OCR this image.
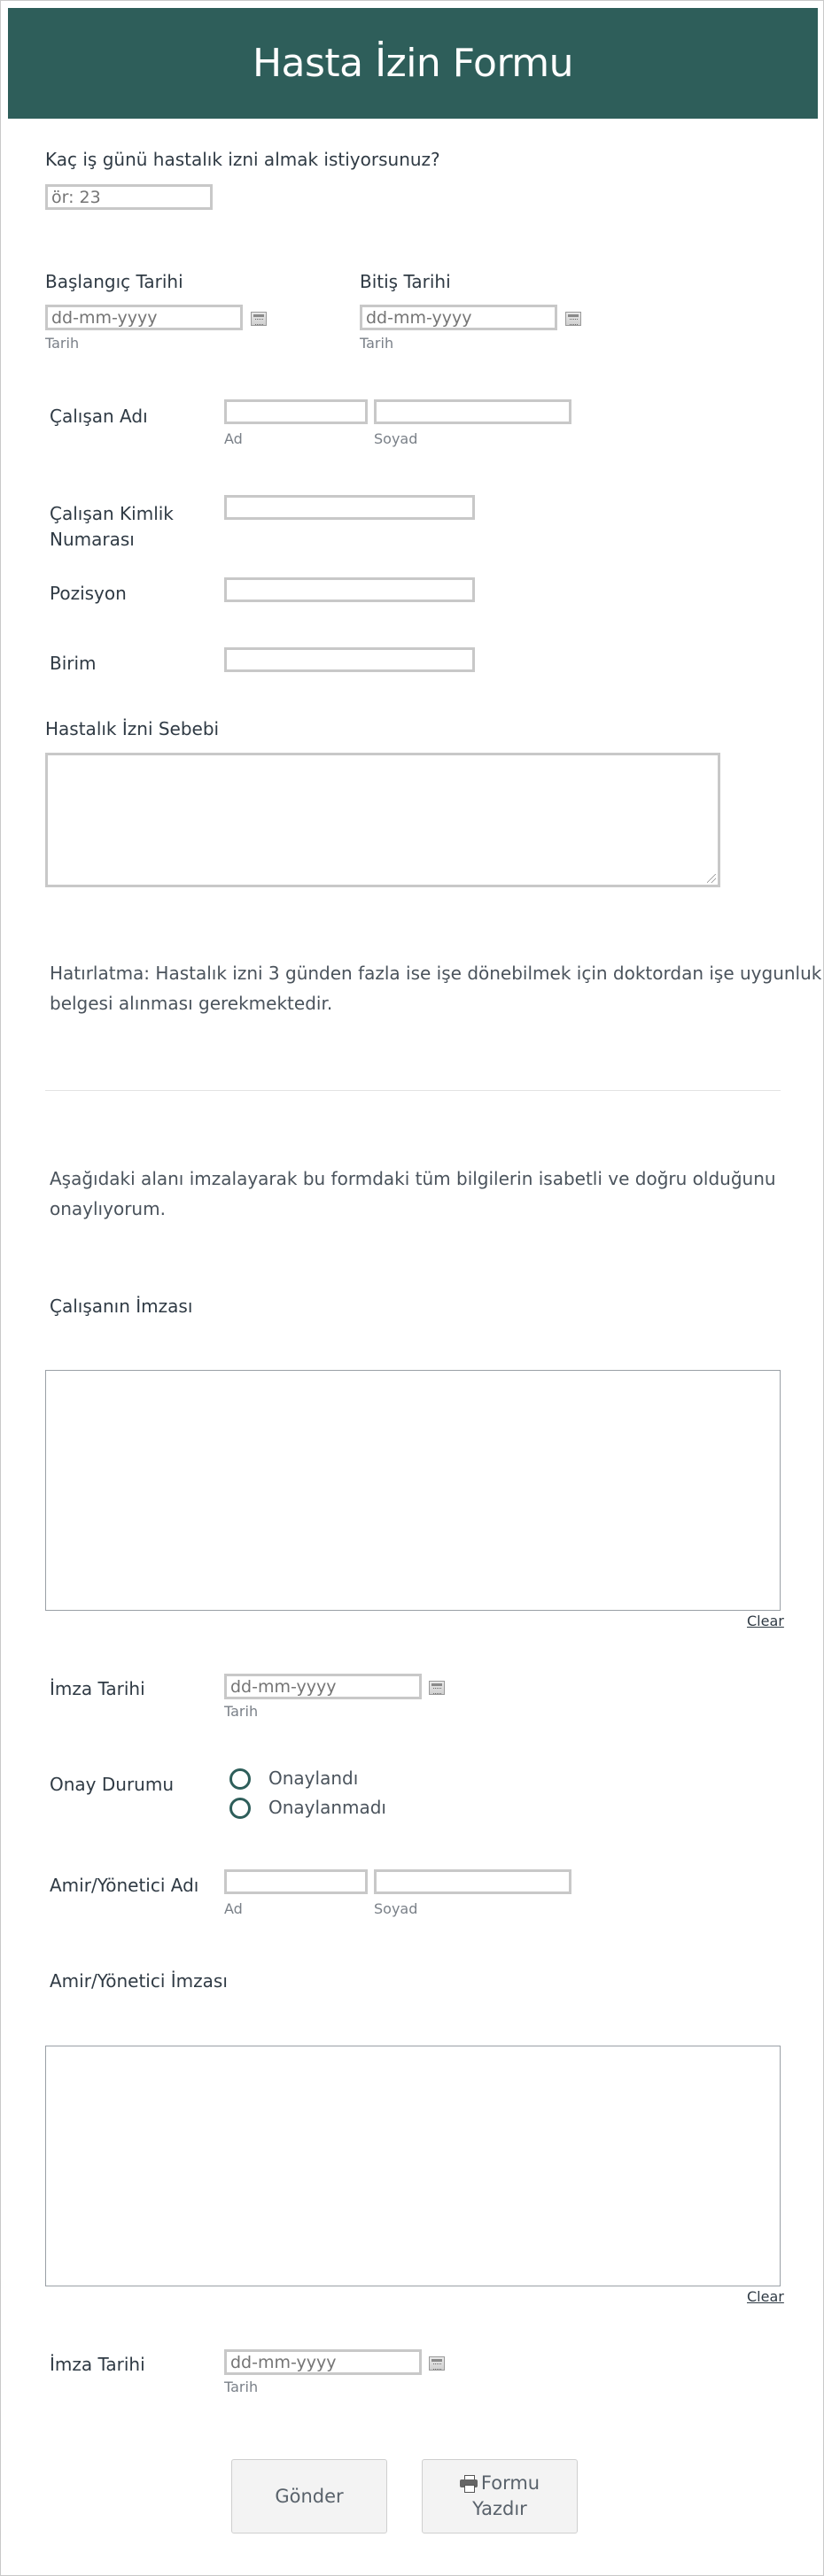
Hasta İzin Formu
Kaç iş günü hastalık izni almak istiyorsunuz?
ör: 23
Başlangıç Tarihi
dd-mm-yyyy
Tarih
Bitiş Tarihi
dd-mm-yyyy
Tarih
Çalışan Adı
Ad	Soyad
Çalışan Kimlik
Numarası
Pozisyon
Birim
Hastalık İzni Sebebi
Hatırlatma: Hastalık izni 3 günden fazla ise işe dönebilmek için doktordan işe uygunluk
belgesi alınması gerekmektedir.
Aşağıdaki alanı imzalayarak bu formdaki tüm bilgilerin isabetli ve doğru olduğunu
onaylıyorum.
Çalışanın İmzası
Clear
İmza Tarihi
dd-mm-yyyy
Tarih
Onay Durumu	Onaylandı
Onaylanmadı
Amir/Yönetici Adı
Ad	Soyad
Amir/Yönetici İmzası
Clear
İmza Tarihi
dd-mm-yyyy
Tarih
Gönder
Formu
Yazdır
